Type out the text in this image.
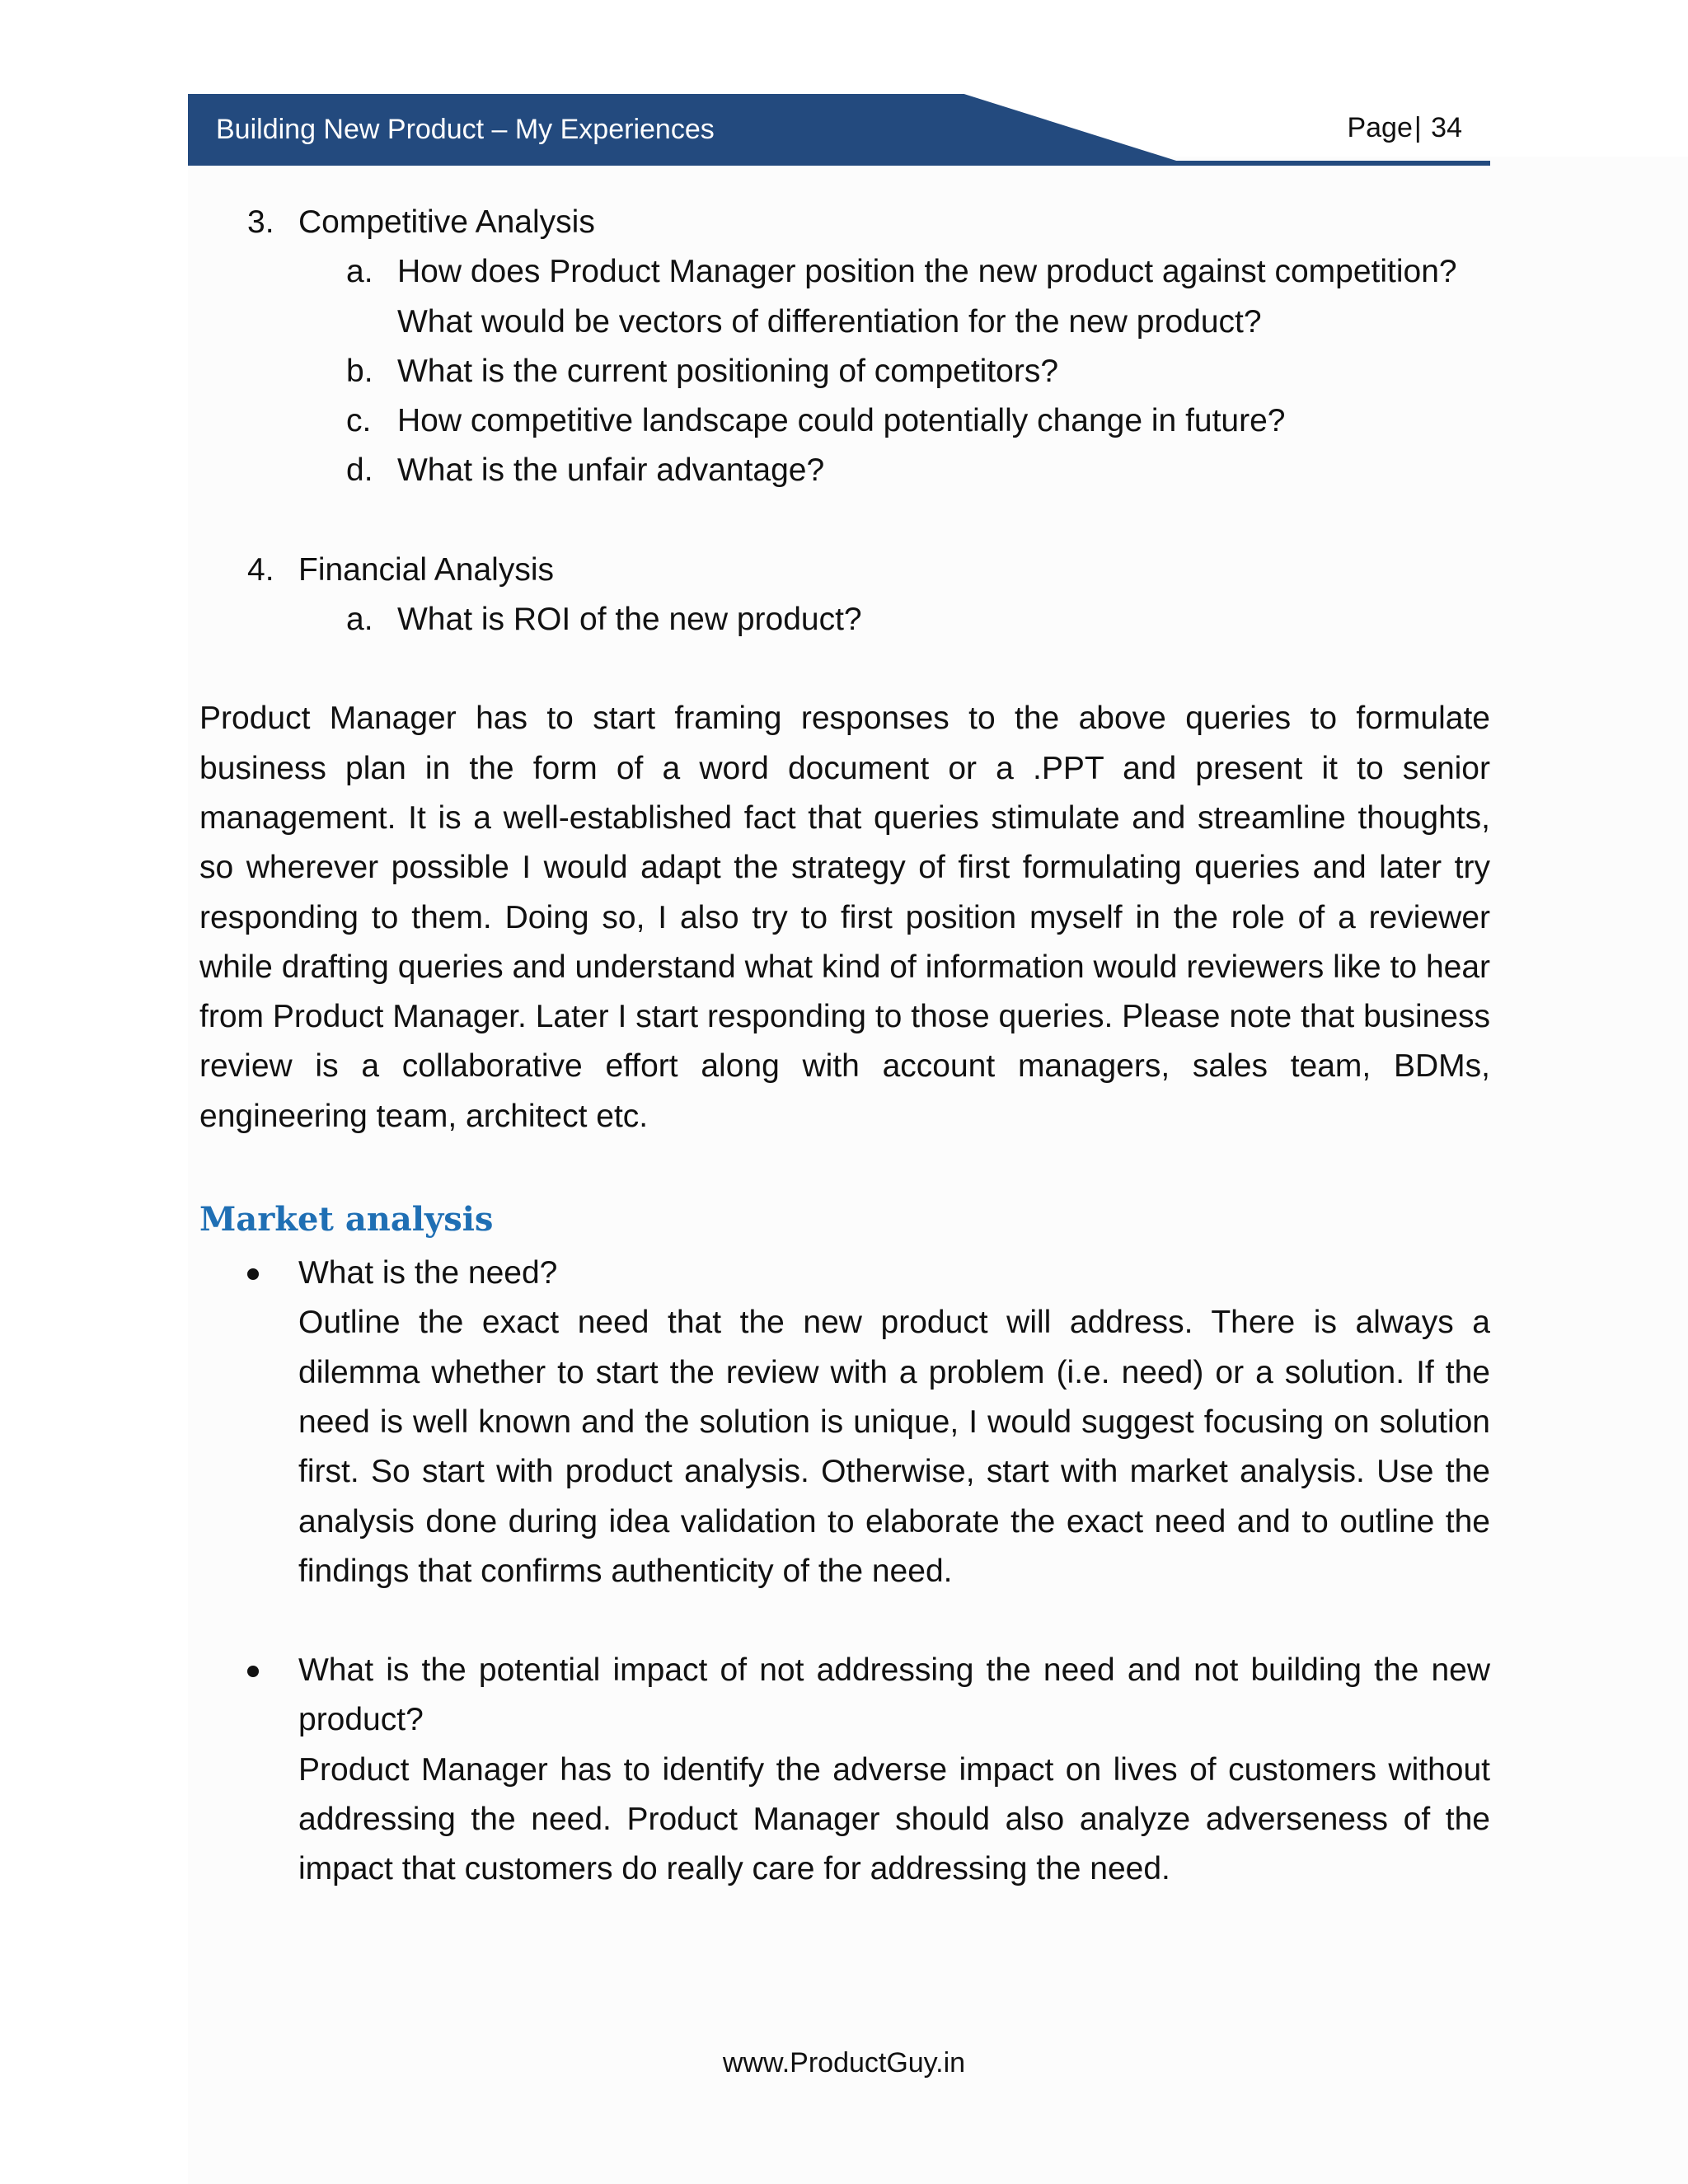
Building New Product – My Experiences	Page| 34
3. Competitive Analysis
a. How does Product Manager position the new product against competition? What would be vectors of differentiation for the new product?
b. What is the current positioning of competitors?
c. How competitive landscape could potentially change in future?
d. What is the unfair advantage?
4. Financial Analysis
a. What is ROI of the new product?

Product Manager has to start framing responses to the above queries to formulate business plan in the form of a word document or a .PPT and present it to senior management. It is a well-established fact that queries stimulate and streamline thoughts, so wherever possible I would adapt the strategy of first formulating queries and later try responding to them. Doing so, I also try to first position myself in the role of a reviewer while drafting queries and understand what kind of information would reviewers like to hear from Product Manager. Later I start responding to those queries. Please note that business review is a collaborative effort along with account managers, sales team, BDMs, engineering team, architect etc.

Market analysis
What is the need?
Outline the exact need that the new product will address. There is always a dilemma whether to start the review with a problem (i.e. need) or a solution. If the need is well known and the solution is unique, I would suggest focusing on solution first. So start with product analysis. Otherwise, start with market analysis. Use the analysis done during idea validation to elaborate the exact need and to outline the findings that confirms authenticity of the need.
What is the potential impact of not addressing the need and not building the new product?
Product Manager has to identify the adverse impact on lives of customers without addressing the need. Product Manager should also analyze adverseness of the impact that customers do really care for addressing the need.
www.ProductGuy.in
